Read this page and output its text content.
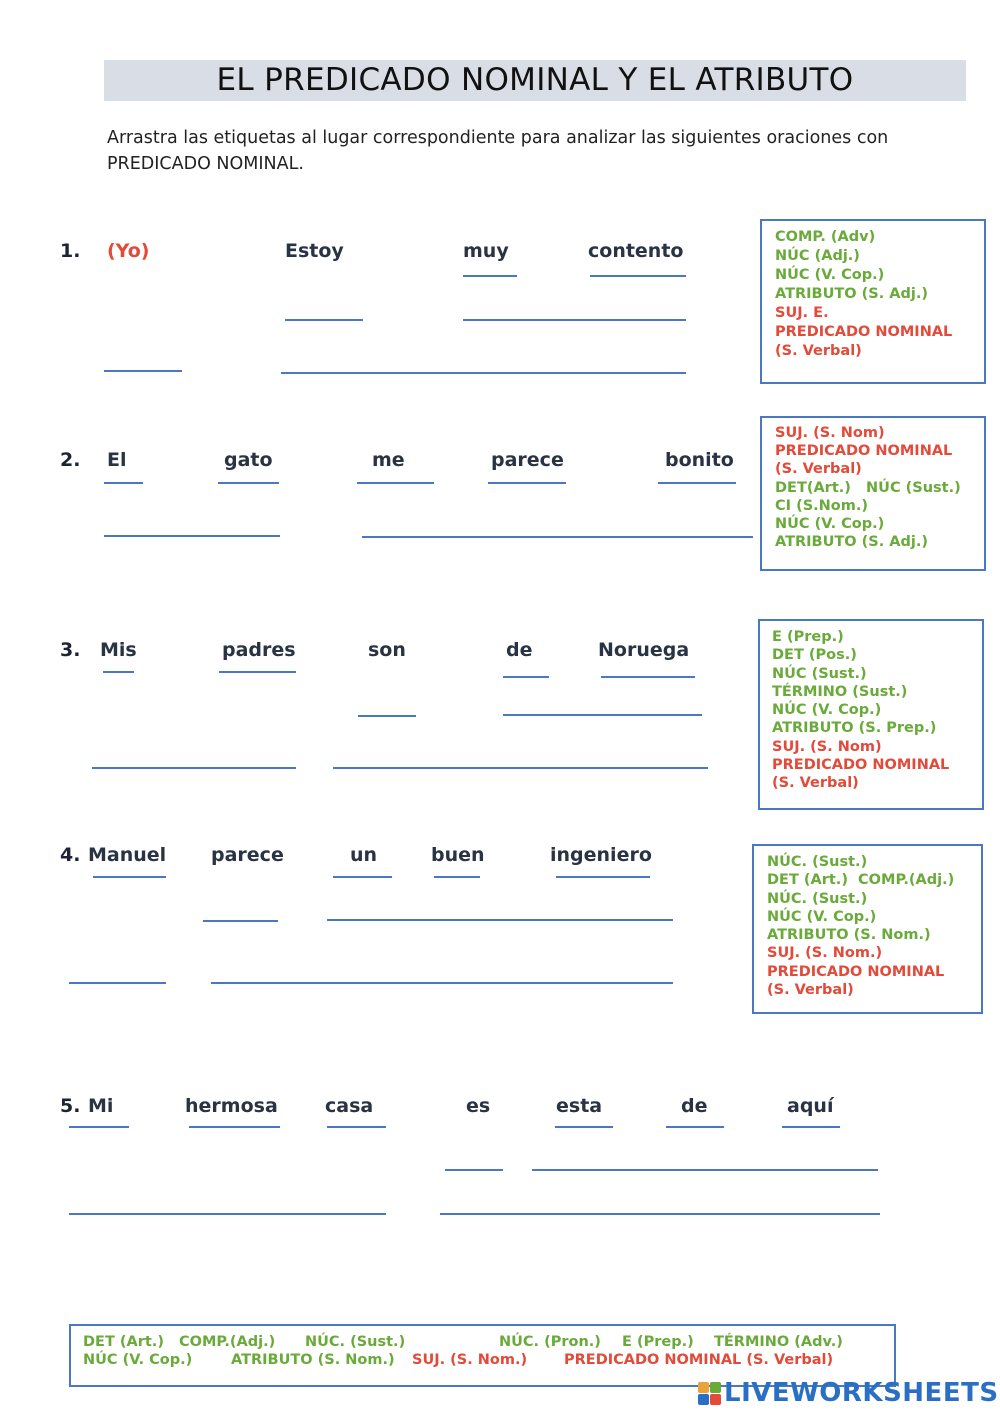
EL PREDICADO NOMINAL Y EL ATRIBUTO
Arrastra las etiquetas al lugar correspondiente para analizar las siguientes oraciones con PREDICADO NOMINAL.
1. (Yo)	Estoy	muy	contento
COMP. (Adv)
NÚC (Adj.)
NÚC (V. Cop.)
ATRIBUTO (S. Adj.)
SUJ. E.
PREDICADO NOMINAL
(S. Verbal)
2. El	gato	me	parece	bonito
SUJ. (S. Nom)
PREDICADO NOMINAL
(S. Verbal)
DET(Art.)   NÚC (Sust.)
CI (S.Nom.)
NÚC (V. Cop.)
ATRIBUTO (S. Adj.)
3. Mis	padres	son	de	Noruega
E (Prep.)
DET (Pos.)
NÚC (Sust.)
TÉRMINO (Sust.)
NÚC (V. Cop.)
ATRIBUTO (S. Prep.)
SUJ. (S. Nom)
PREDICADO NOMINAL
(S. Verbal)
4. Manuel parece	un	buen	ingeniero	NÚC. (Sust.)
DET (Art.)  COMP.(Adj.)
NÚC. (Sust.)
NÚC (V. Cop.)
ATRIBUTO (S. Nom.)
SUJ. (S. Nom.)
PREDICADO NOMINAL
(S. Verbal)
5. Mi	hermosa casa	es	esta	de	aquí
DET (Art.) COMP.(Adj.) NÚC. (Sust.)	NÚC. (Pron.) E (Prep.) TÉRMINO (Adv.)
NÚC (V. Cop.)	ATRIBUTO (S. Nom.) SUJ. (S. Nom.)	PREDICADO NOMINAL (S. Verbal)
LIVEWORKSHEETS
